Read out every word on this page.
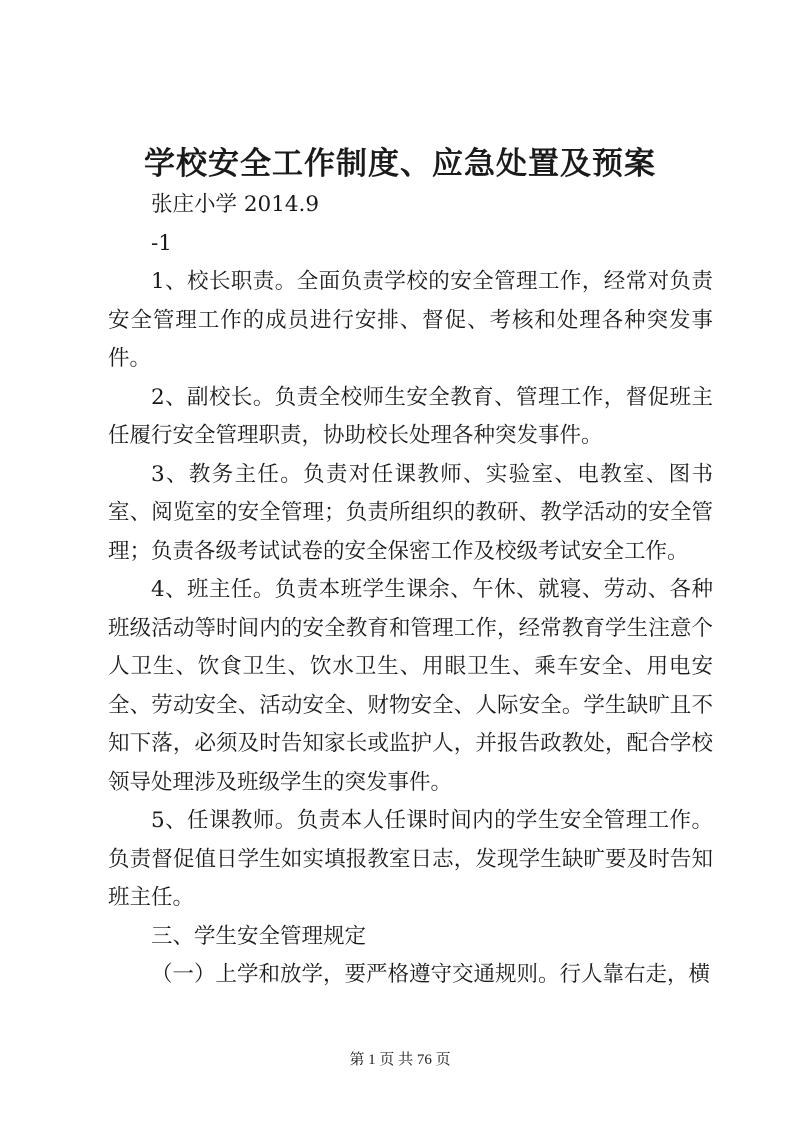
学校安全工作制度、应急处置及预案

张庄小学 2014.9

-1

1、校长职责。全面负责学校的安全管理工作，经常对负责安全管理工作的成员进行安排、督促、考核和处理各种突发事件。

2、副校长。负责全校师生安全教育、管理工作，督促班主任履行安全管理职责，协助校长处理各种突发事件。

3、教务主任。负责对任课教师、实验室、电教室、图书室、阅览室的安全管理；负责所组织的教研、教学活动的安全管理；负责各级考试试卷的安全保密工作及校级考试安全工作。

4、班主任。负责本班学生课余、午休、就寝、劳动、各种班级活动等时间内的安全教育和管理工作，经常教育学生注意个人卫生、饮食卫生、饮水卫生、用眼卫生、乘车安全、用电安全、劳动安全、活动安全、财物安全、人际安全。学生缺旷且不知下落，必须及时告知家长或监护人，并报告政教处，配合学校领导处理涉及班级学生的突发事件。

5、任课教师。负责本人任课时间内的学生安全管理工作。负责督促值日学生如实填报教室日志，发现学生缺旷要及时告知班主任。

三、学生安全管理规定

（一）上学和放学，要严格遵守交通规则。行人靠右走，横

第 1 页 共 76 页
